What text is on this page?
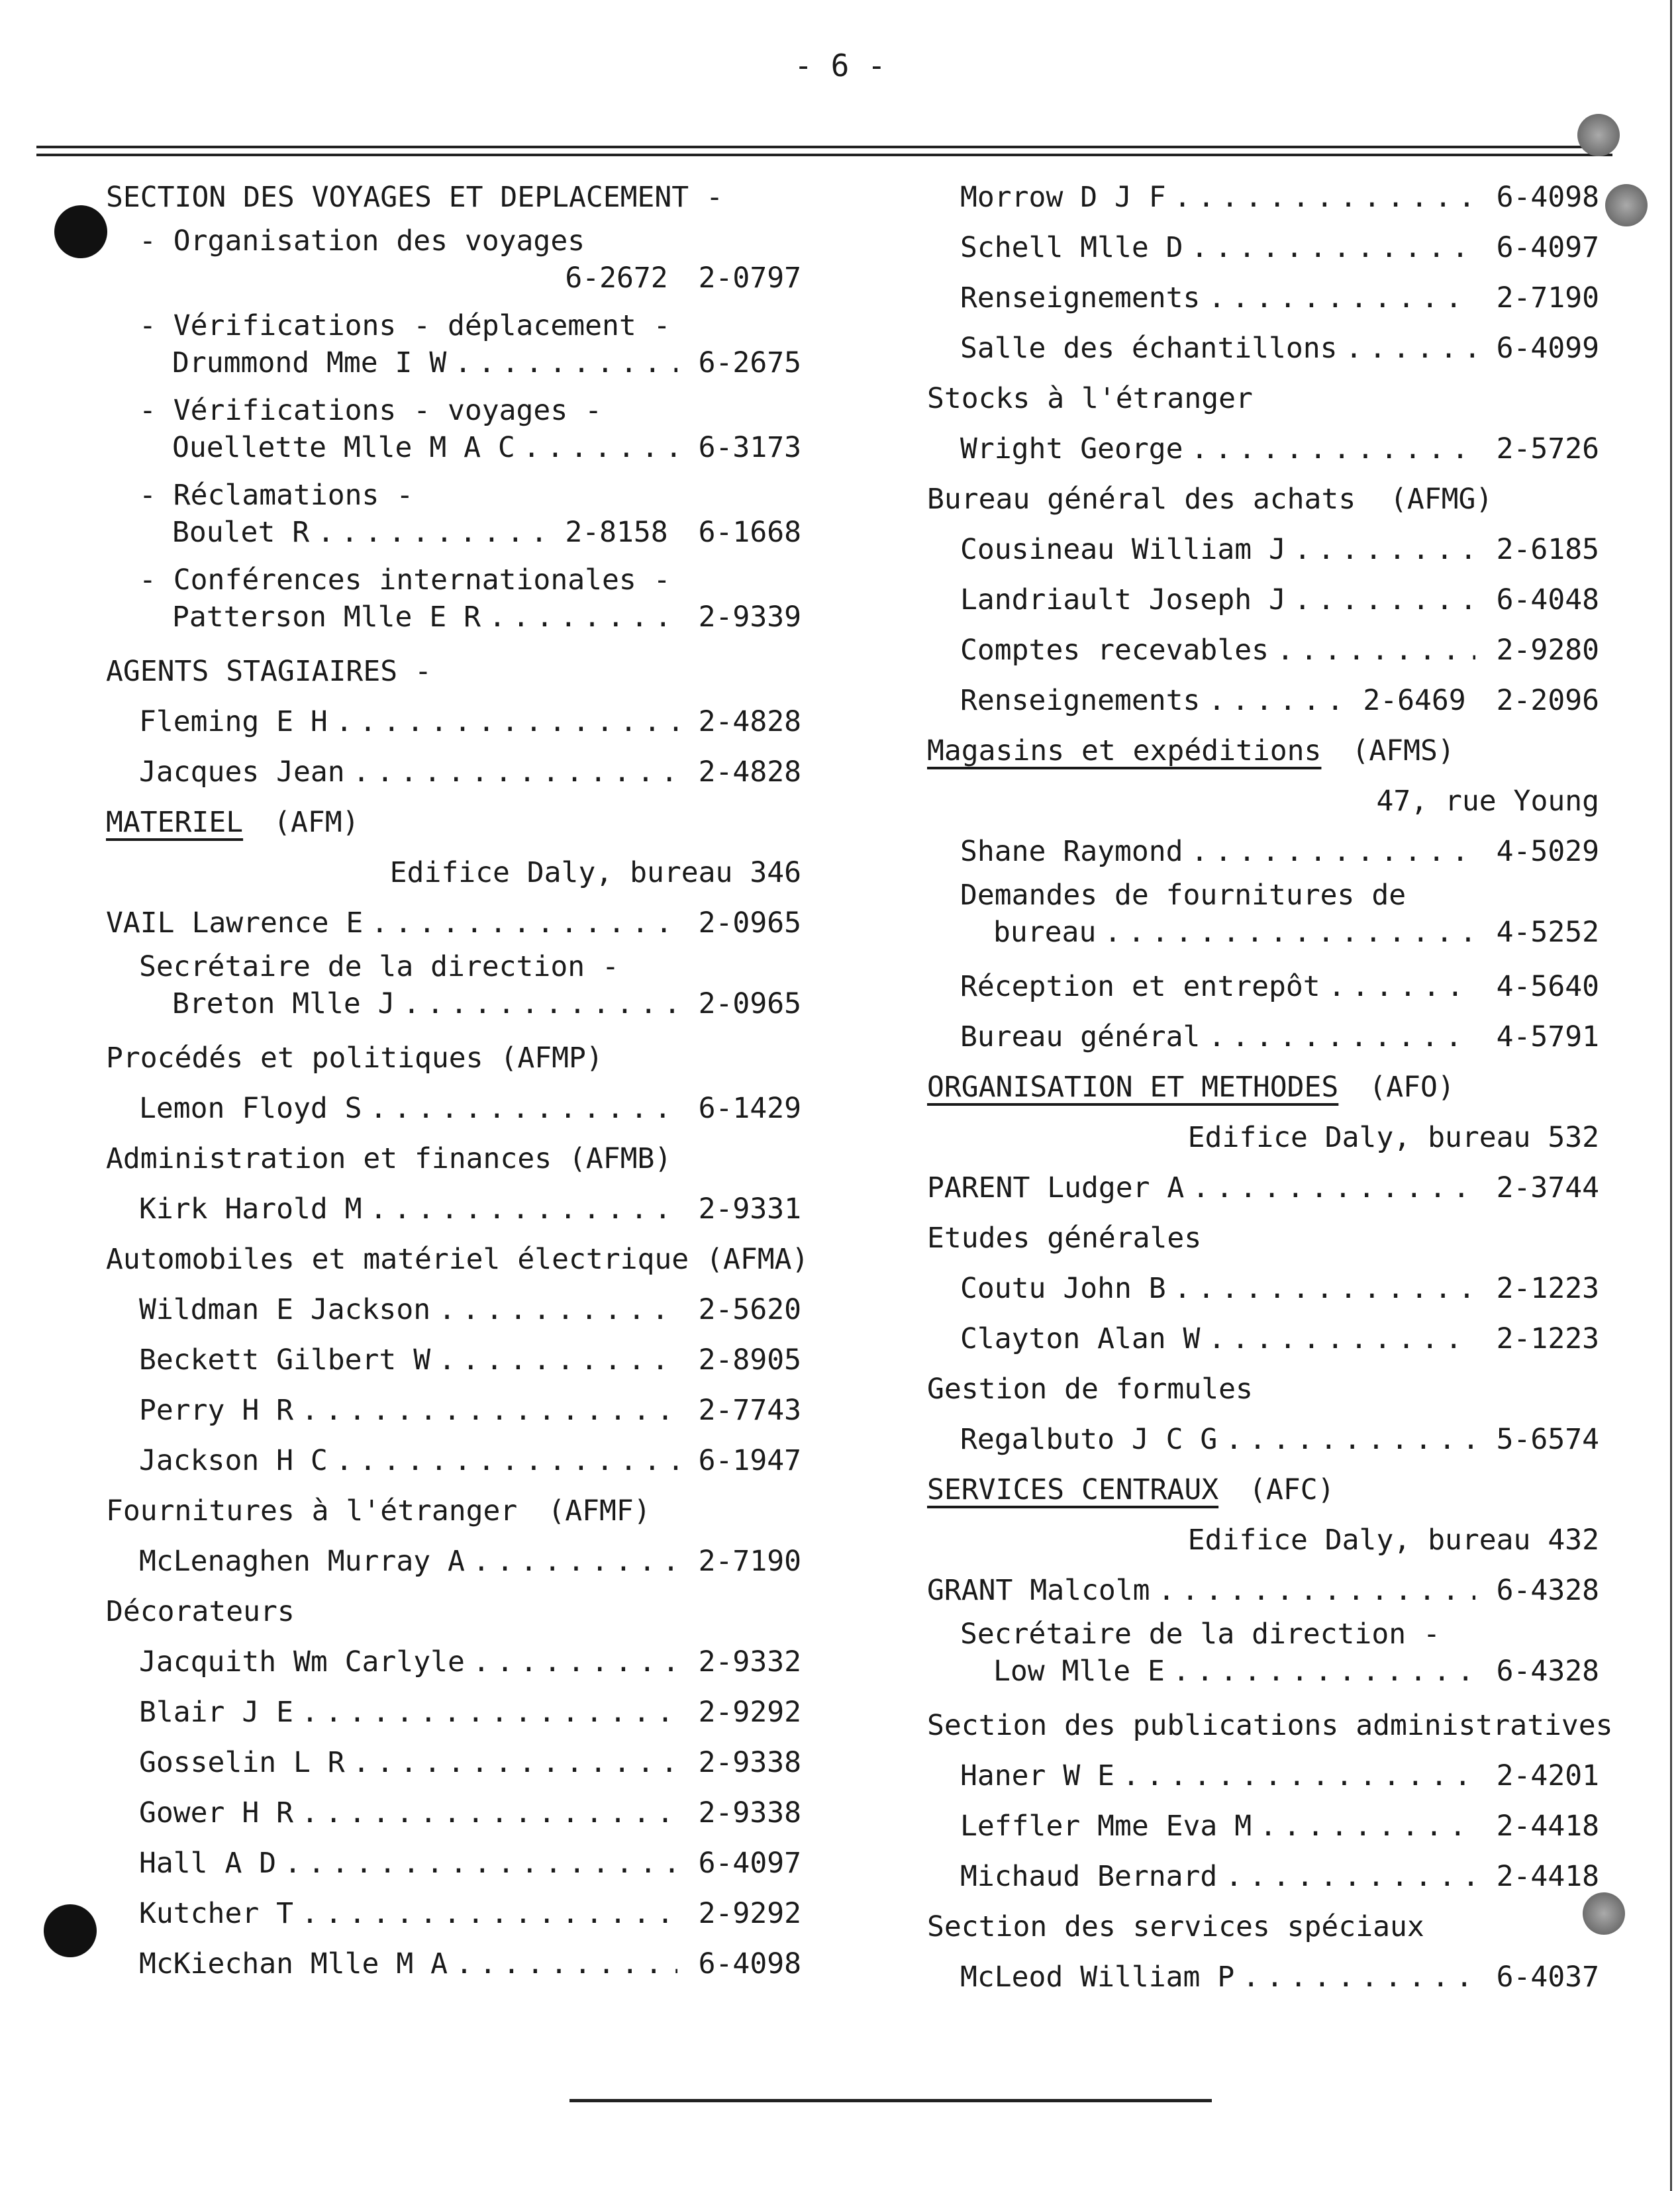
- 6 -
SECTION DES VOYAGES ET DEPLACEMENT -
- Organisation des voyages
6-2672 2-0797
- Vérifications - déplacement -
Drummond Mme I W . . .	6-2675
- Vérifications - voyages -
Ouellette Mlle M A C . . .	6-3173
- Réclamations -
Boulet R . . .	2-8158 6-1668
- Conférences internationales -
Patterson Mlle E R . . .	2-9339
AGENTS STAGIAIRES -
Fleming E H . . .	2-4828
Jacques Jean . . .	2-4828
MATERIEL (AFM)
Edifice Daly, bureau 346
VAIL Lawrence E . . .	2-0965
Secrétaire de la direction -
Breton Mlle J . . .	2-0965
Procédés et politiques (AFMP)
Lemon Floyd S . . .	6-1429
Administration et finances (AFMB)
Kirk Harold M . . .	2-9331
Automobiles et matériel électrique (AFMA)
Wildman E Jackson . . .	2-5620
Beckett Gilbert W . . .	2-8905
Perry H R . . .	2-7743
Jackson H C . . .	6-1947
Fournitures à l'étranger (AFMF)
McLenaghen Murray A . . .	2-7190
Décorateurs
Jacquith Wm Carlyle . . .	2-9332
Blair J E . . .	2-9292
Gosselin L R . . .	2-9338
Gower H R . . .	2-9338
Hall A D . . .	6-4097
Kutcher T . . .	2-9292
McKiechan Mlle M A . . .	6-4098
Morrow D J F . . .	6-4098
Schell Mlle D . . .	6-4097
Renseignements . . .	2-7190
Salle des échantillons . . .	6-4099
Stocks à l'étranger
Wright George . . .	2-5726
Bureau général des achats  (AFMG)
Cousineau William J . . .	2-6185
Landriault Joseph J . . .	6-4048
Comptes recevables . . .	2-9280
Renseignements . . .	2-6469 2-2096
Magasins et expéditions (AFMS)
47, rue Young
Shane Raymond . . .	4-5029
Demandes de fournitures de
bureau . . .	4-5252
Réception et entrepôt . . .	4-5640
Bureau général . . .	4-5791
ORGANISATION ET METHODES (AFO)
Edifice Daly, bureau 532
PARENT Ludger A . . .	2-3744
Etudes générales
Coutu John B . . .	2-1223
Clayton Alan W . . .	2-1223
Gestion de formules
Regalbuto J C G . . .	5-6574
SERVICES CENTRAUX (AFC)
Edifice Daly, bureau 432
GRANT Malcolm . . .	6-4328
Secrétaire de la direction -
Low Mlle E . . .	6-4328
Section des publications administratives
Haner W E . . .	2-4201
Leffler Mme Eva M . . .	2-4418
Michaud Bernard . . .	2-4418
Section des services spéciaux
McLeod William P . . .	6-4037
